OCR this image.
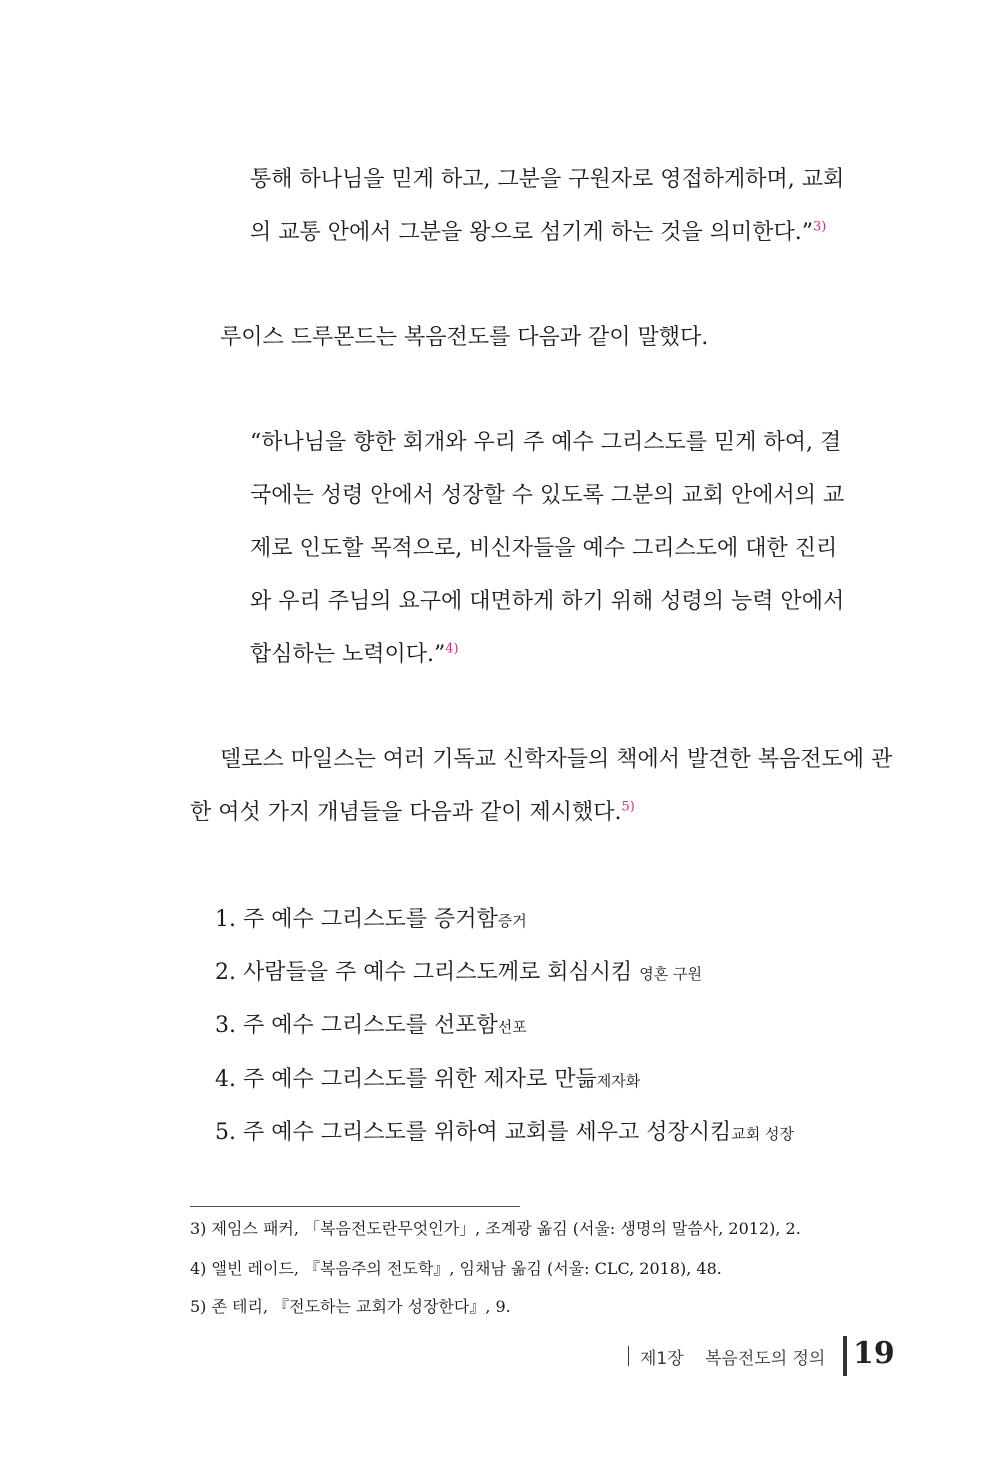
통해 하나님을 믿게 하고, 그분을 구원자로 영접하게하며, 교회
의 교통 안에서 그분을 왕으로 섬기게 하는 것을 의미한다.”$^{3)}$
루이스 드루몬드는 복음전도를 다음과 같이 말했다.
“하나님을 향한 회개와 우리 주 예수 그리스도를 믿게 하여, 결
국에는 성령 안에서 성장할 수 있도록 그분의 교회 안에서의 교
제로 인도할 목적으로, 비신자들을 예수 그리스도에 대한 진리
와 우리 주님의 요구에 대면하게 하기 위해 성령의 능력 안에서
합심하는 노력이다.”$^{4)}$
델로스 마일스는 여러 기독교 신학자들의 책에서 발견한 복음전도에 관
한 여섯 가지 개념들을 다음과 같이 제시했다.$^{5)}$
1. 주 예수 그리스도를 증거함증거
2. 사람들을 주 예수 그리스도께로 회심시킴 영혼 구원
3. 주 예수 그리스도를 선포함선포
4. 주 예수 그리스도를 위한 제자로 만듦제자화
5. 주 예수 그리스도를 위하여 교회를 세우고 성장시킴교회 성장
3) 제임스 패커, 「복음전도란무엇인가」, 조계광 옮김 (서울: 생명의 말씀사, 2012), 2.
4) 앨빈 레이드, 『복음주의 전도학』, 임채남 옮김 (서울: CLC, 2018), 48.
5) 존 테리, 『전도하는 교회가 성장한다』, 9.
제1장 복음전도의 정의 19
